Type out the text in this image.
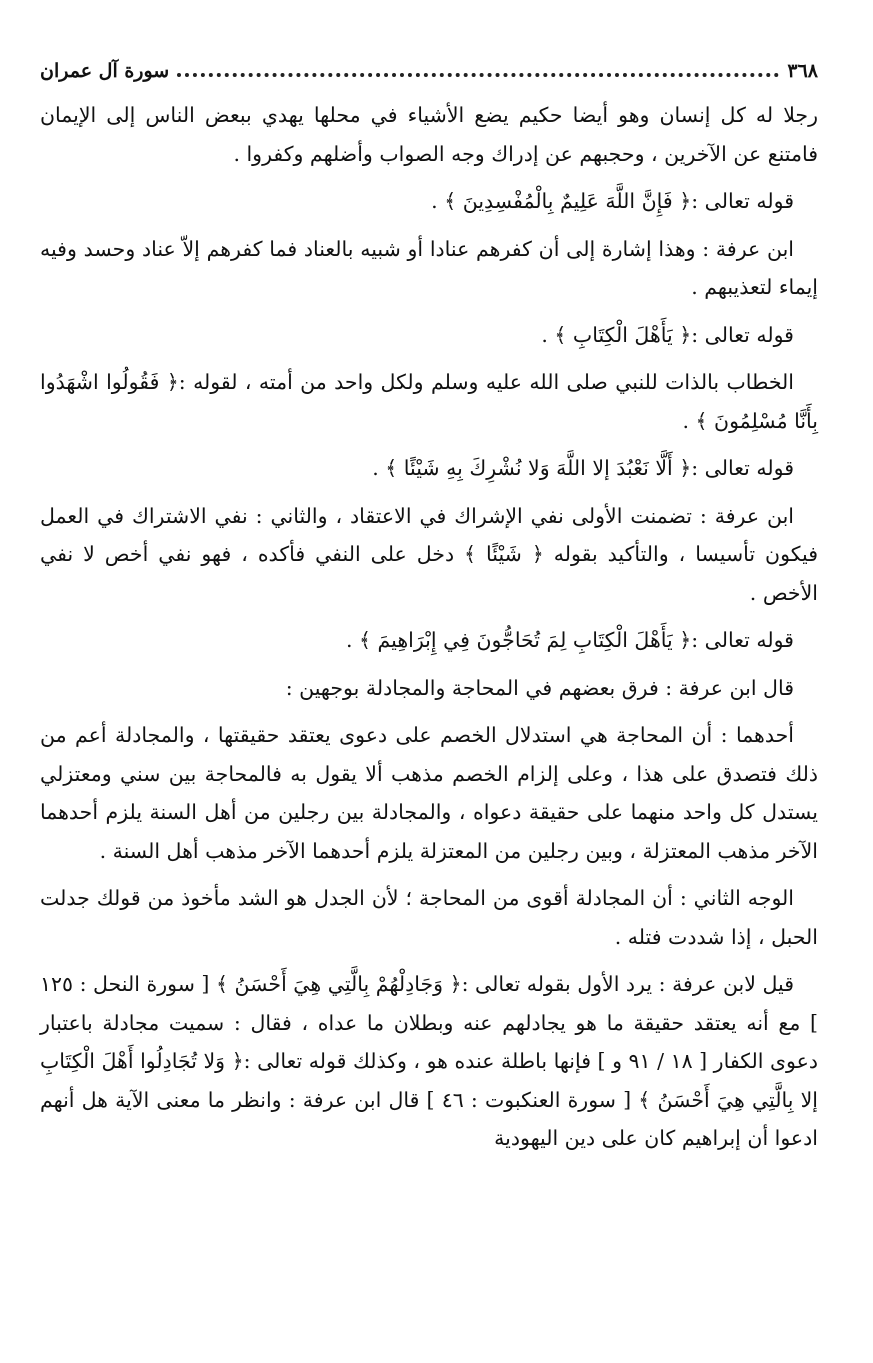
٣٦٨
سورة آل عمران

رجلا له كل إنسان وهو أيضا حكيم يضع الأشياء في محلها يهدي ببعض الناس إلى الإيمان فامتنع عن الآخرين ، وحجبهم عن إدراك وجه الصواب وأضلهم وكفروا .

قوله تعالى :﴿ فَإِنَّ اللَّهَ عَلِيمٌ بِالْمُفْسِدِينَ ﴾ .

ابن عرفة : وهذا إشارة إلى أن كفرهم عنادا أو شبيه بالعناد فما كفرهم إلاّ عناد وحسد وفيه إيماء لتعذيبهم .

قوله تعالى :﴿ يَأَهْلَ الْكِتَابِ ﴾ .

الخطاب بالذات للنبي صلى الله عليه وسلم ولكل واحد من أمته ، لقوله :﴿ فَقُولُوا اشْهَدُوا بِأَنَّا مُسْلِمُونَ ﴾ .

قوله تعالى :﴿ أَلَّا نَعْبُدَ إلا اللَّهَ وَلا نُشْرِكَ بِهِ شَيْئًا ﴾ .

ابن عرفة : تضمنت الأولى نفي الإشراك في الاعتقاد ، والثاني : نفي الاشتراك في العمل فيكون تأسيسا ، والتأكيد بقوله ﴿ شَيْئًا ﴾ دخل على النفي فأكده ، فهو نفي أخص لا نفي الأخص .

قوله تعالى :﴿ يَأَهْلَ الْكِتَابِ لِمَ تُحَاجُّونَ فِي إِبْرَاهِيمَ ﴾ .

قال ابن عرفة : فرق بعضهم في المحاجة والمجادلة بوجهين :

أحدهما : أن المحاجة هي استدلال الخصم على دعوى يعتقد حقيقتها ، والمجادلة أعم من ذلك فتصدق على هذا ، وعلى إلزام الخصم مذهب ألا يقول به فالمحاجة بين سني ومعتزلي يستدل كل واحد منهما على حقيقة دعواه ، والمجادلة بين رجلين من أهل السنة يلزم أحدهما الآخر مذهب المعتزلة ، وبين رجلين من المعتزلة يلزم أحدهما الآخر مذهب أهل السنة .

الوجه الثاني : أن المجادلة أقوى من المحاجة ؛ لأن الجدل هو الشد مأخوذ من قولك جدلت الحبل ، إذا شددت فتله .

قيل لابن عرفة : يرد الأول بقوله تعالى :﴿ وَجَادِلْهُمْ بِالَّتِي هِيَ أَحْسَنُ ﴾ [ سورة النحل : ١٢٥ ] مع أنه يعتقد حقيقة ما هو يجادلهم عنه وبطلان ما عداه ، فقال : سميت مجادلة باعتبار دعوى الكفار [ ١٨ / ٩١ و ] فإنها باطلة عنده هو ، وكذلك قوله تعالى :﴿ وَلا تُجَادِلُوا أَهْلَ الْكِتَابِ إلا بِالَّتِي هِيَ أَحْسَنُ ﴾ [ سورة العنكبوت : ٤٦ ] قال ابن عرفة : وانظر ما معنى الآية هل أنهم ادعوا أن إبراهيم كان على دين اليهودية
